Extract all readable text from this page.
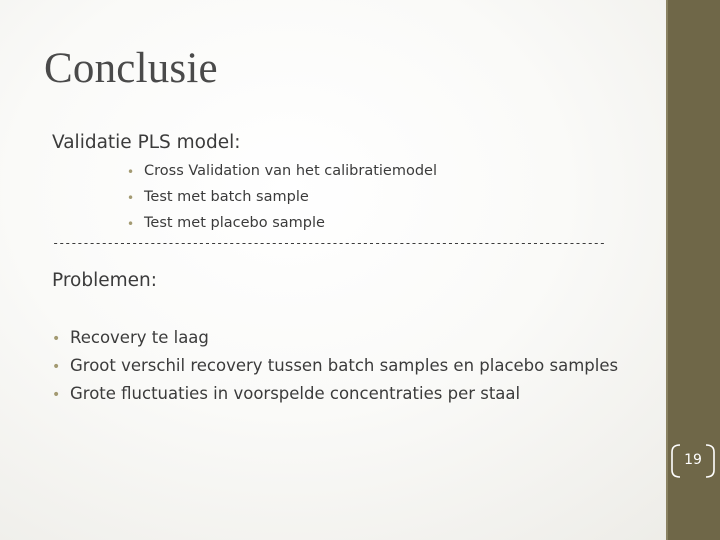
Conclusie
Validatie PLS model:
• Cross Validation van het calibratiemodel
• Test met batch sample
• Test met placebo sample
-------------------------------------------------------------------------------------------
Problemen:
• Recovery te laag
• Groot verschil recovery tussen batch samples en placebo samples
• Grote fluctuaties in voorspelde concentraties per staal
19
